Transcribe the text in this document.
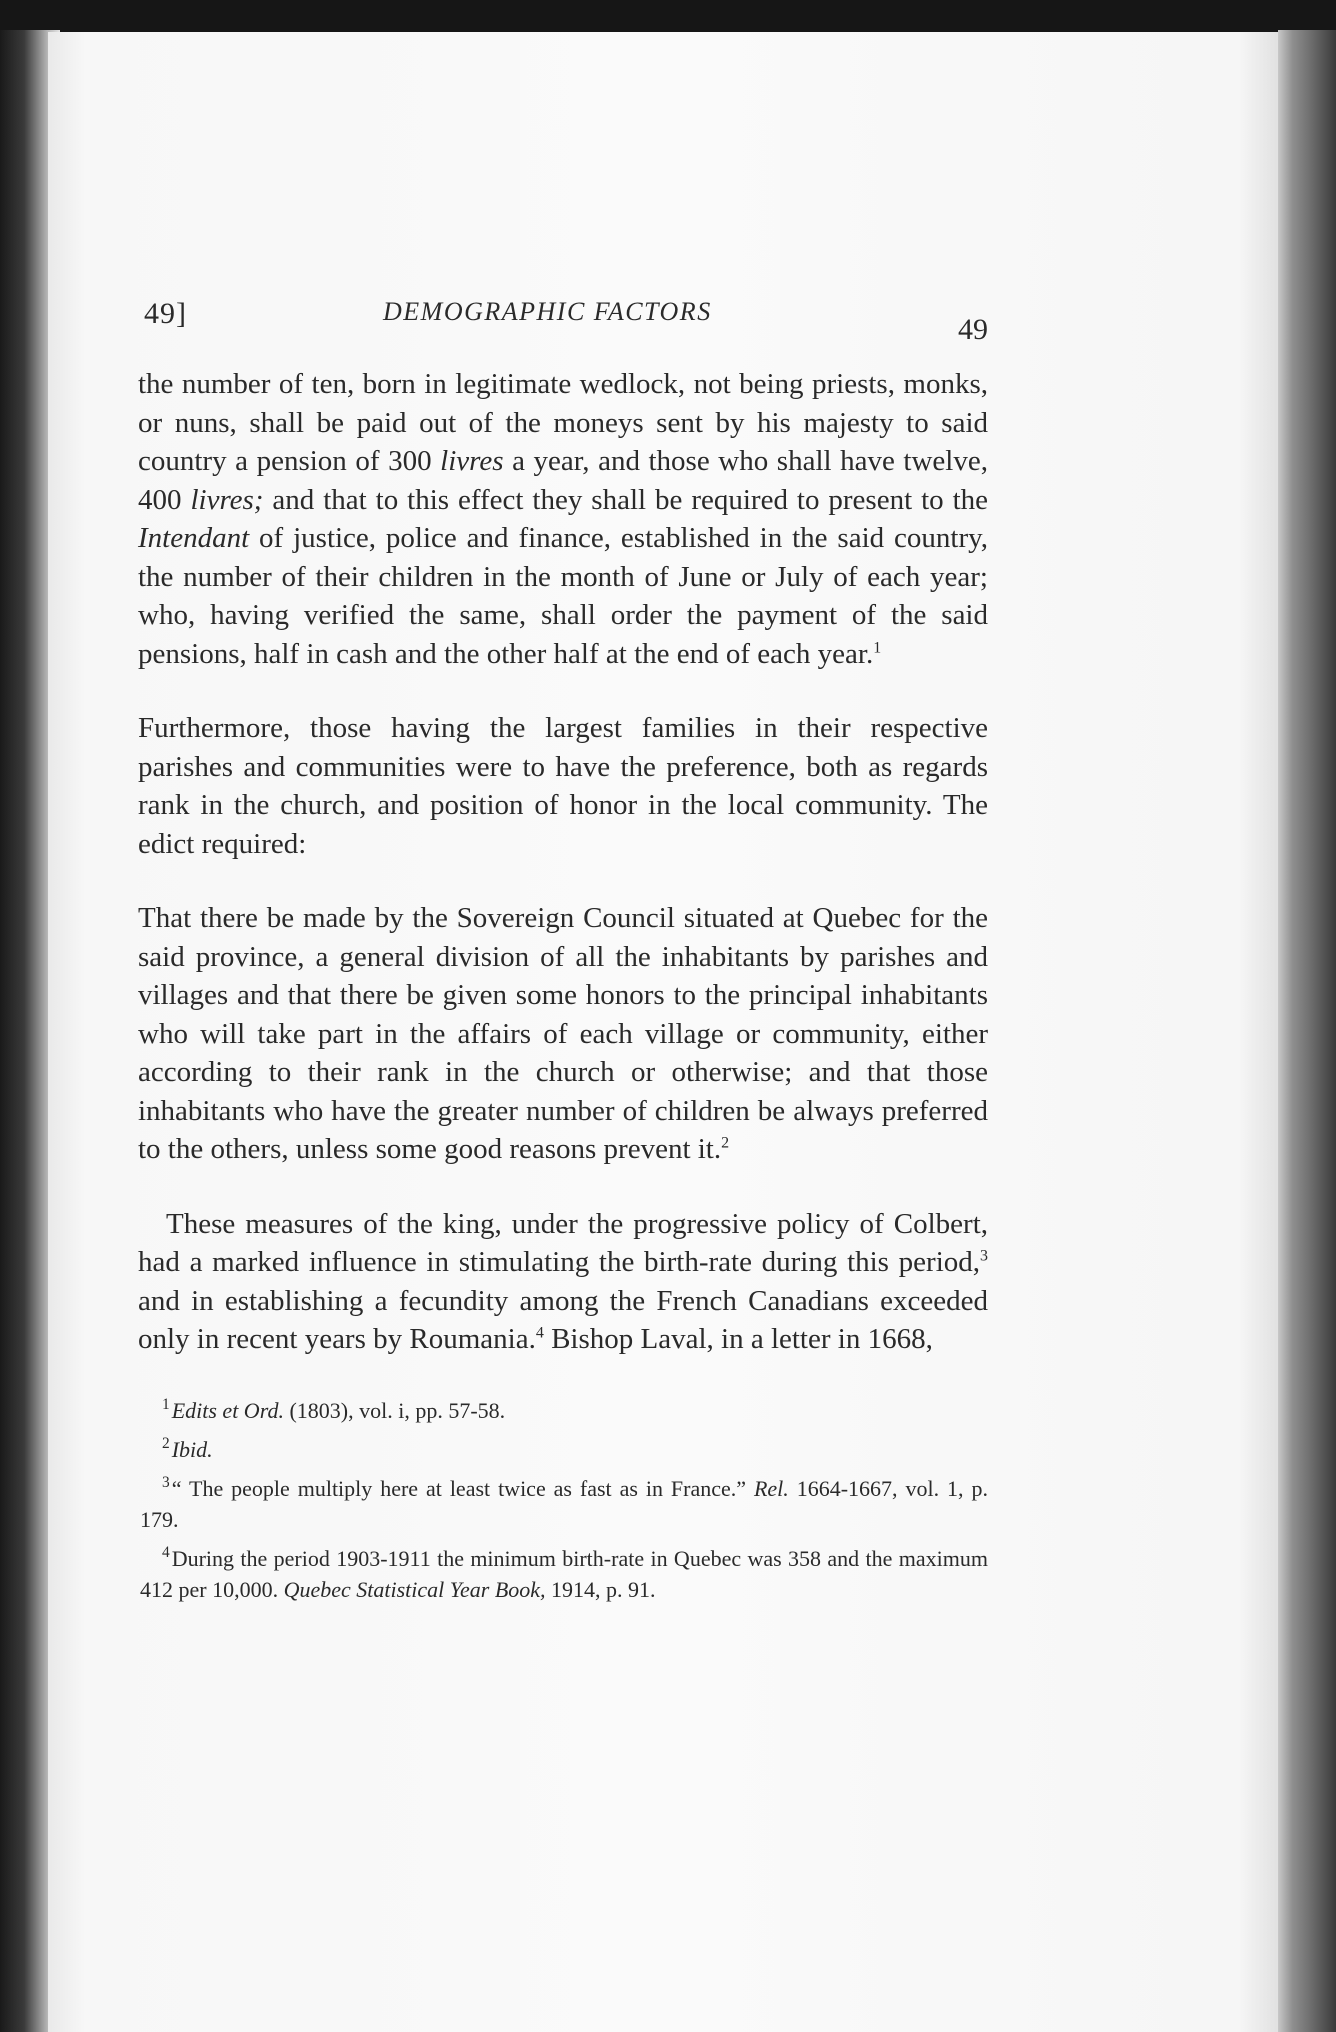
49]	DEMOGRAPHIC FACTORS
49

the number of ten, born in legitimate wedlock, not being priests, monks, or nuns, shall be paid out of the moneys sent by his majesty to said country a pension of 300 livres a year, and those who shall have twelve, 400 livres; and that to this effect they shall be required to present to the Intendant of justice, police and finance, established in the said country, the number of their children in the month of June or July of each year; who, having verified the same, shall order the payment of the said pensions, half in cash and the other half at the end of each year.$^1$

Furthermore, those having the largest families in their respective parishes and communities were to have the preference, both as regards rank in the church, and position of honor in the local community. The edict required:

That there be made by the Sovereign Council situated at Quebec for the said province, a general division of all the inhabitants by parishes and villages and that there be given some honors to the principal inhabitants who will take part in the affairs of each village or community, either according to their rank in the church or otherwise; and that those inhabitants who have the greater number of children be always preferred to the others, unless some good reasons prevent it.$^2$

These measures of the king, under the progressive policy of Colbert, had a marked influence in stimulating the birth-rate during this period,$^3$ and in establishing a fecundity among the French Canadians exceeded only in recent years by Roumania.$^4$ Bishop Laval, in a letter in 1668,

$^1$Edits et Ord. (1803), vol. i, pp. 57-58.

$^2$Ibid.

$^3$“ The people multiply here at least twice as fast as in France.” Rel. 1664-1667, vol. 1, p. 179.

$^4$During the period 1903-1911 the minimum birth-rate in Quebec was 358 and the maximum 412 per 10,000. Quebec Statistical Year Book, 1914, p. 91.
